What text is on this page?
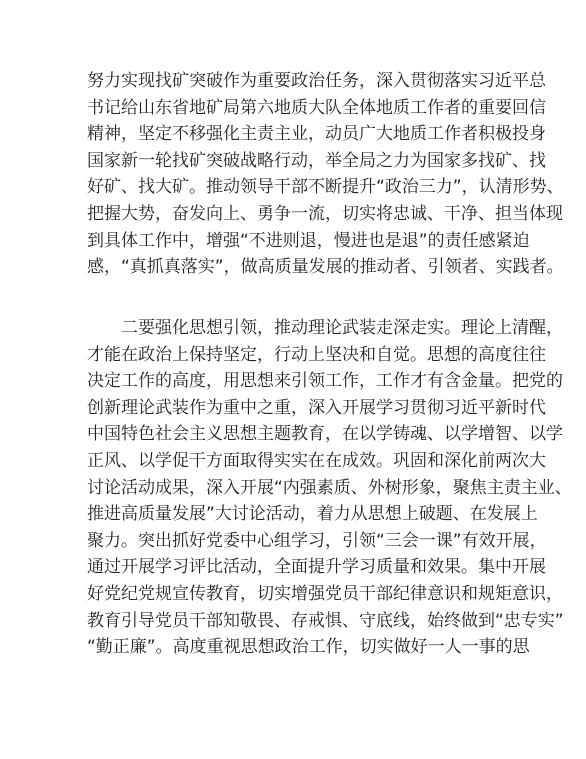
努力实现找矿突破作为重要政治任务，深入贯彻落实习近平总
书记给山东省地矿局第六地质大队全体地质工作者的重要回信
精神，坚定不移强化主责主业，动员广大地质工作者积极投身
国家新一轮找矿突破战略行动，举全局之力为国家多找矿、找
好矿、找大矿。推动领导干部不断提升“政治三力”，认清形势、
把握大势，奋发向上、勇争一流，切实将忠诚、干净、担当体现
到具体工作中，增强“不进则退，慢进也是退”的责任感紧迫
感，“真抓真落实”，做高质量发展的推动者、引领者、实践者。
二要强化思想引领，推动理论武装走深走实。理论上清醒，
才能在政治上保持坚定，行动上坚决和自觉。思想的高度往往
决定工作的高度，用思想来引领工作，工作才有含金量。把党的
创新理论武装作为重中之重，深入开展学习贯彻习近平新时代
中国特色社会主义思想主题教育，在以学铸魂、以学增智、以学
正风、以学促干方面取得实实在在成效。巩固和深化前两次大
讨论活动成果，深入开展“内强素质、外树形象，聚焦主责主业、
推进高质量发展”大讨论活动，着力从思想上破题、在发展上
聚力。突出抓好党委中心组学习，引领“三会一课”有效开展，
通过开展学习评比活动，全面提升学习质量和效果。集中开展
好党纪党规宣传教育，切实增强党员干部纪律意识和规矩意识，
教育引导党员干部知敬畏、存戒惧、守底线，始终做到“忠专实”
“勤正廉”。高度重视思想政治工作，切实做好一人一事的思
